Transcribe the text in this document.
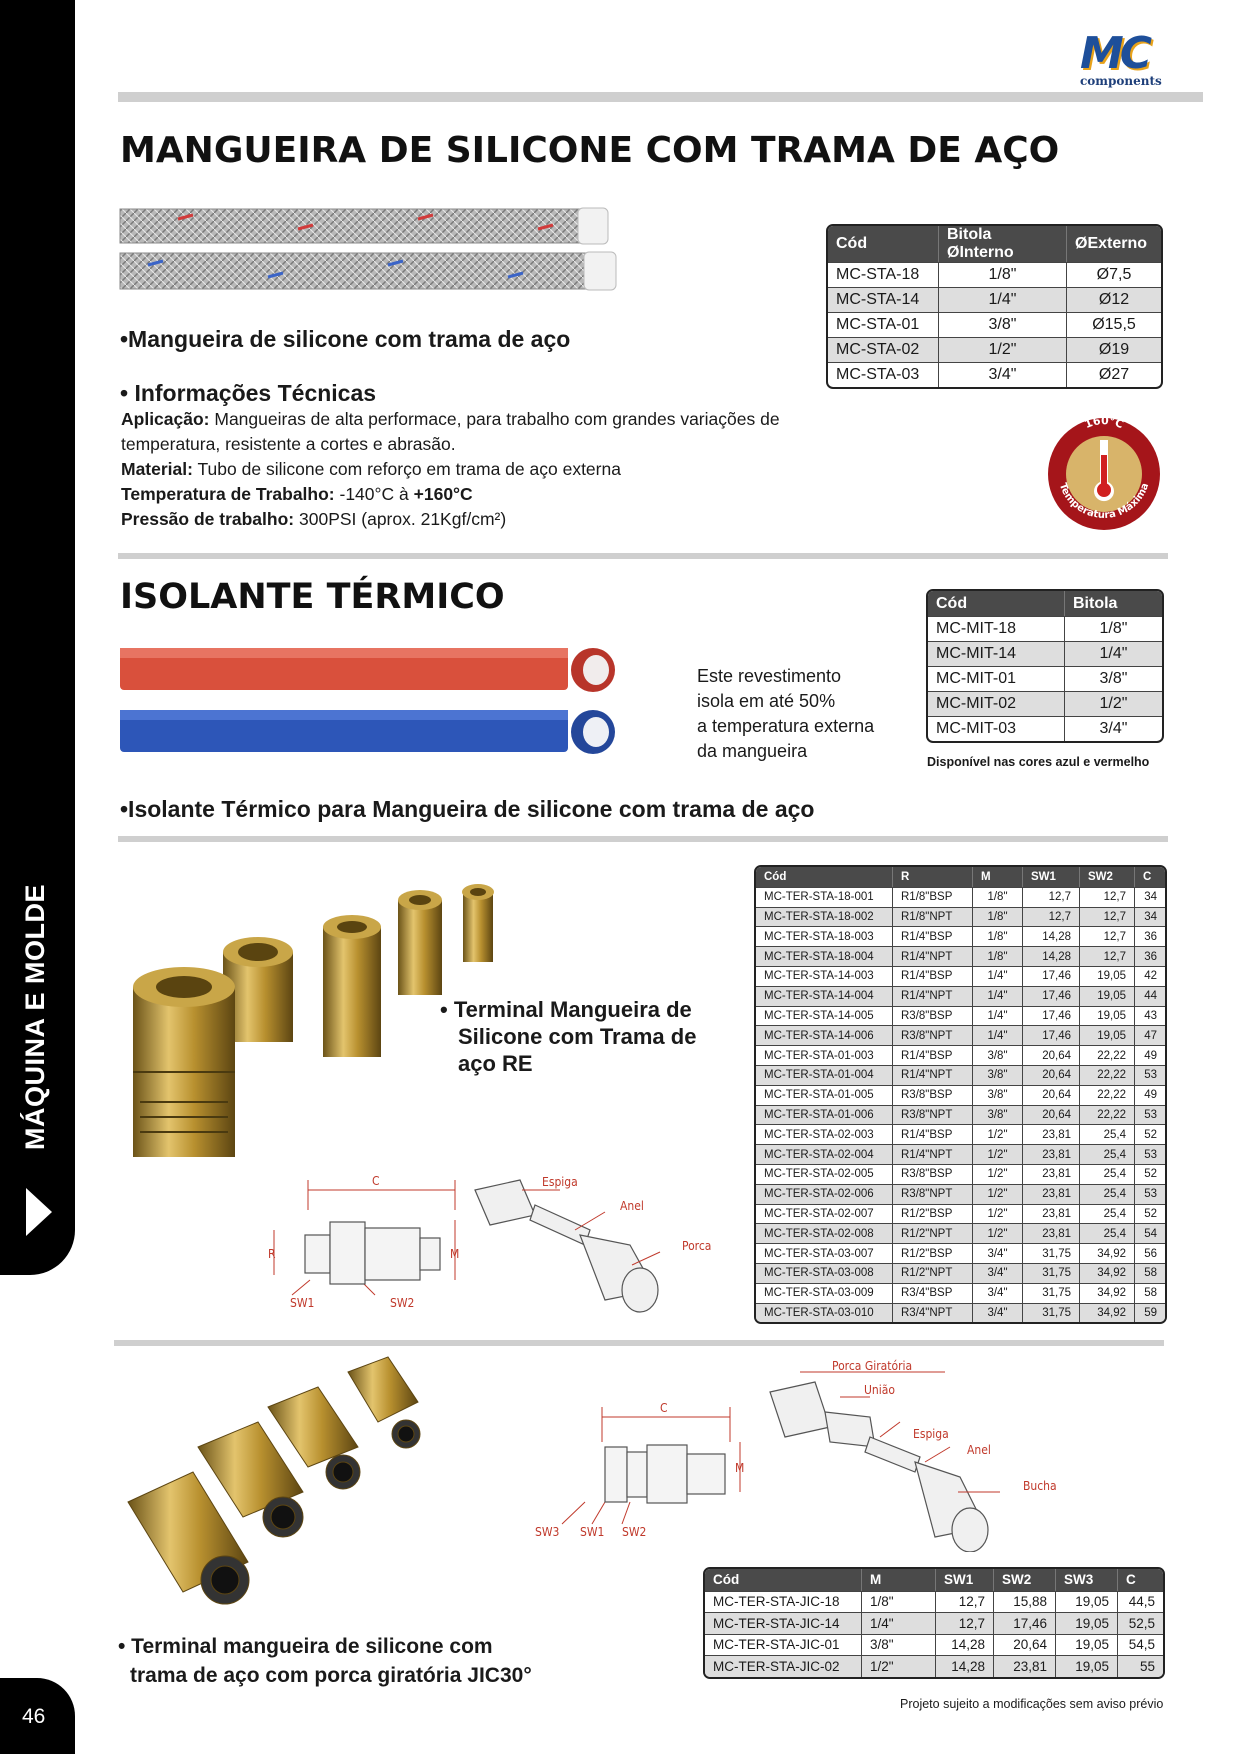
MÁQUINA E MOLDE
46
MC
components
MANGUEIRA DE SILICONE COM TRAMA DE AÇO
•Mangueira de silicone com trama de aço
• Informações Técnicas
Aplicação: Mangueiras de alta performace, para trabalho com grandes variações de temperatura, resistente a cortes e abrasão.
Material: Tubo de silicone com reforço em trama de aço externa
Temperatura de Trabalho: -140°C à +160°C
Pressão de trabalho: 300PSI (aprox. 21Kgf/cm²)
Cód	Bitola ØInterno	ØExterno
MC-STA-18	1/8"	Ø7,5
MC-STA-14	1/4"	Ø12
MC-STA-01	3/8"	Ø15,5
MC-STA-02	1/2"	Ø19
MC-STA-03	3/4"	Ø27
160°C
Temperatura Máxima
ISOLANTE TÉRMICO
Este revestimento
isola em até 50%
a temperatura externa
da mangueira
Cód	Bitola
MC-MIT-18	1/8"
MC-MIT-14	1/4"
MC-MIT-01	3/8"
MC-MIT-02	1/2"
MC-MIT-03	3/4"
Disponível nas cores azul e vermelho
•Isolante Térmico para Mangueira de silicone com trama de aço
• Terminal Mangueira de
Silicone com Trama de
aço RE
C
R	M
SW1	SW2
Espiga
Anel
Porca
Cód	R	M	SW1	SW2	C
MC-TER-STA-18-001	R1/8"BSP	1/8"	12,7	12,7	34
MC-TER-STA-18-002	R1/8"NPT	1/8"	12,7	12,7	34
MC-TER-STA-18-003	R1/4"BSP	1/8"	14,28	12,7	36
MC-TER-STA-18-004	R1/4"NPT	1/8"	14,28	12,7	36
MC-TER-STA-14-003	R1/4"BSP	1/4"	17,46	19,05	42
MC-TER-STA-14-004	R1/4"NPT	1/4"	17,46	19,05	44
MC-TER-STA-14-005	R3/8"BSP	1/4"	17,46	19,05	43
MC-TER-STA-14-006	R3/8"NPT	1/4"	17,46	19,05	47
MC-TER-STA-01-003	R1/4"BSP	3/8"	20,64	22,22	49
MC-TER-STA-01-004	R1/4"NPT	3/8"	20,64	22,22	53
MC-TER-STA-01-005	R3/8"BSP	3/8"	20,64	22,22	49
MC-TER-STA-01-006	R3/8"NPT	3/8"	20,64	22,22	53
MC-TER-STA-02-003	R1/4"BSP	1/2"	23,81	25,4	52
MC-TER-STA-02-004	R1/4"NPT	1/2"	23,81	25,4	53
MC-TER-STA-02-005	R3/8"BSP	1/2"	23,81	25,4	52
MC-TER-STA-02-006	R3/8"NPT	1/2"	23,81	25,4	53
MC-TER-STA-02-007	R1/2"BSP	1/2"	23,81	25,4	52
MC-TER-STA-02-008	R1/2"NPT	1/2"	23,81	25,4	54
MC-TER-STA-03-007	R1/2"BSP	3/4"	31,75	34,92	56
MC-TER-STA-03-008	R1/2"NPT	3/4"	31,75	34,92	58
MC-TER-STA-03-009	R3/4"BSP	3/4"	31,75	34,92	58
MC-TER-STA-03-010	R3/4"NPT	3/4"	31,75	34,92	59
C
M
SW3 SW1 SW2
Porca Giratória
União
Espiga
Anel
Bucha
Cód	M	SW1	SW2	SW3	C
MC-TER-STA-JIC-18	1/8"	12,7	15,88	19,05	44,5
MC-TER-STA-JIC-14	1/4"	12,7	17,46	19,05	52,5
MC-TER-STA-JIC-01	3/8"	14,28	20,64	19,05	54,5
MC-TER-STA-JIC-02	1/2"	14,28	23,81	19,05	55
• Terminal mangueira de silicone com
trama de aço com porca giratória JIC30°
Projeto sujeito a modificações sem aviso prévio
